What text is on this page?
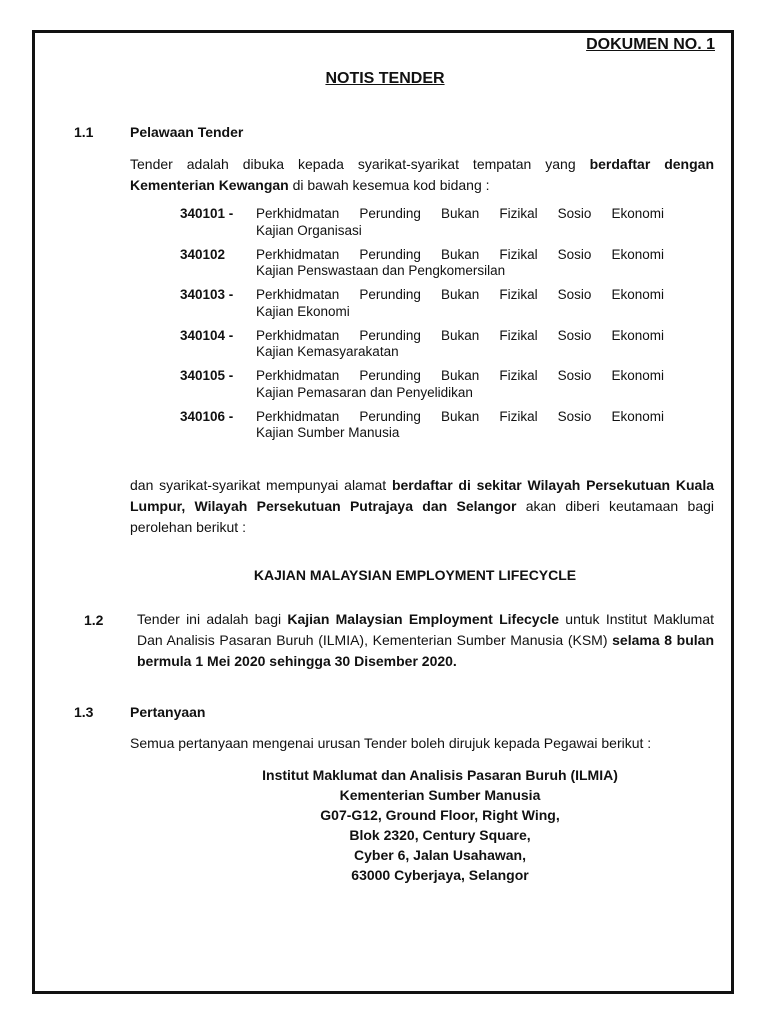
DOKUMEN NO. 1
NOTIS TENDER
1.1	Pelawaan Tender
Tender adalah dibuka kepada syarikat-syarikat tempatan yang berdaftar dengan Kementerian Kewangan di bawah kesemua kod bidang :
340101 -	Perkhidmatan Perunding Bukan Fizikal Sosio Ekonomi
Kajian Organisasi
340102	Perkhidmatan Perunding Bukan Fizikal Sosio Ekonomi
Kajian Penswastaan dan Pengkomersilan
340103 -	Perkhidmatan Perunding Bukan Fizikal Sosio Ekonomi
Kajian Ekonomi
340104 -	Perkhidmatan Perunding Bukan Fizikal Sosio Ekonomi
Kajian Kemasyarakatan
340105 -	Perkhidmatan Perunding Bukan Fizikal Sosio Ekonomi
Kajian Pemasaran dan Penyelidikan
340106 -	Perkhidmatan Perunding Bukan Fizikal Sosio Ekonomi
Kajian Sumber Manusia
dan syarikat-syarikat mempunyai alamat berdaftar di sekitar Wilayah Persekutuan Kuala Lumpur, Wilayah Persekutuan Putrajaya dan Selangor akan diberi keutamaan bagi perolehan berikut :
KAJIAN MALAYSIAN EMPLOYMENT LIFECYCLE
1.2 Tender ini adalah bagi Kajian Malaysian Employment Lifecycle untuk Institut Maklumat Dan Analisis Pasaran Buruh (ILMIA), Kementerian Sumber Manusia (KSM) selama 8 bulan bermula 1 Mei 2020 sehingga 30 Disember 2020.
1.3	Pertanyaan
Semua pertanyaan mengenai urusan Tender boleh dirujuk kepada Pegawai berikut :
Institut Maklumat dan Analisis Pasaran Buruh (ILMIA)
Kementerian Sumber Manusia
G07-G12, Ground Floor, Right Wing,
Blok 2320, Century Square,
Cyber 6, Jalan Usahawan,
63000 Cyberjaya, Selangor
